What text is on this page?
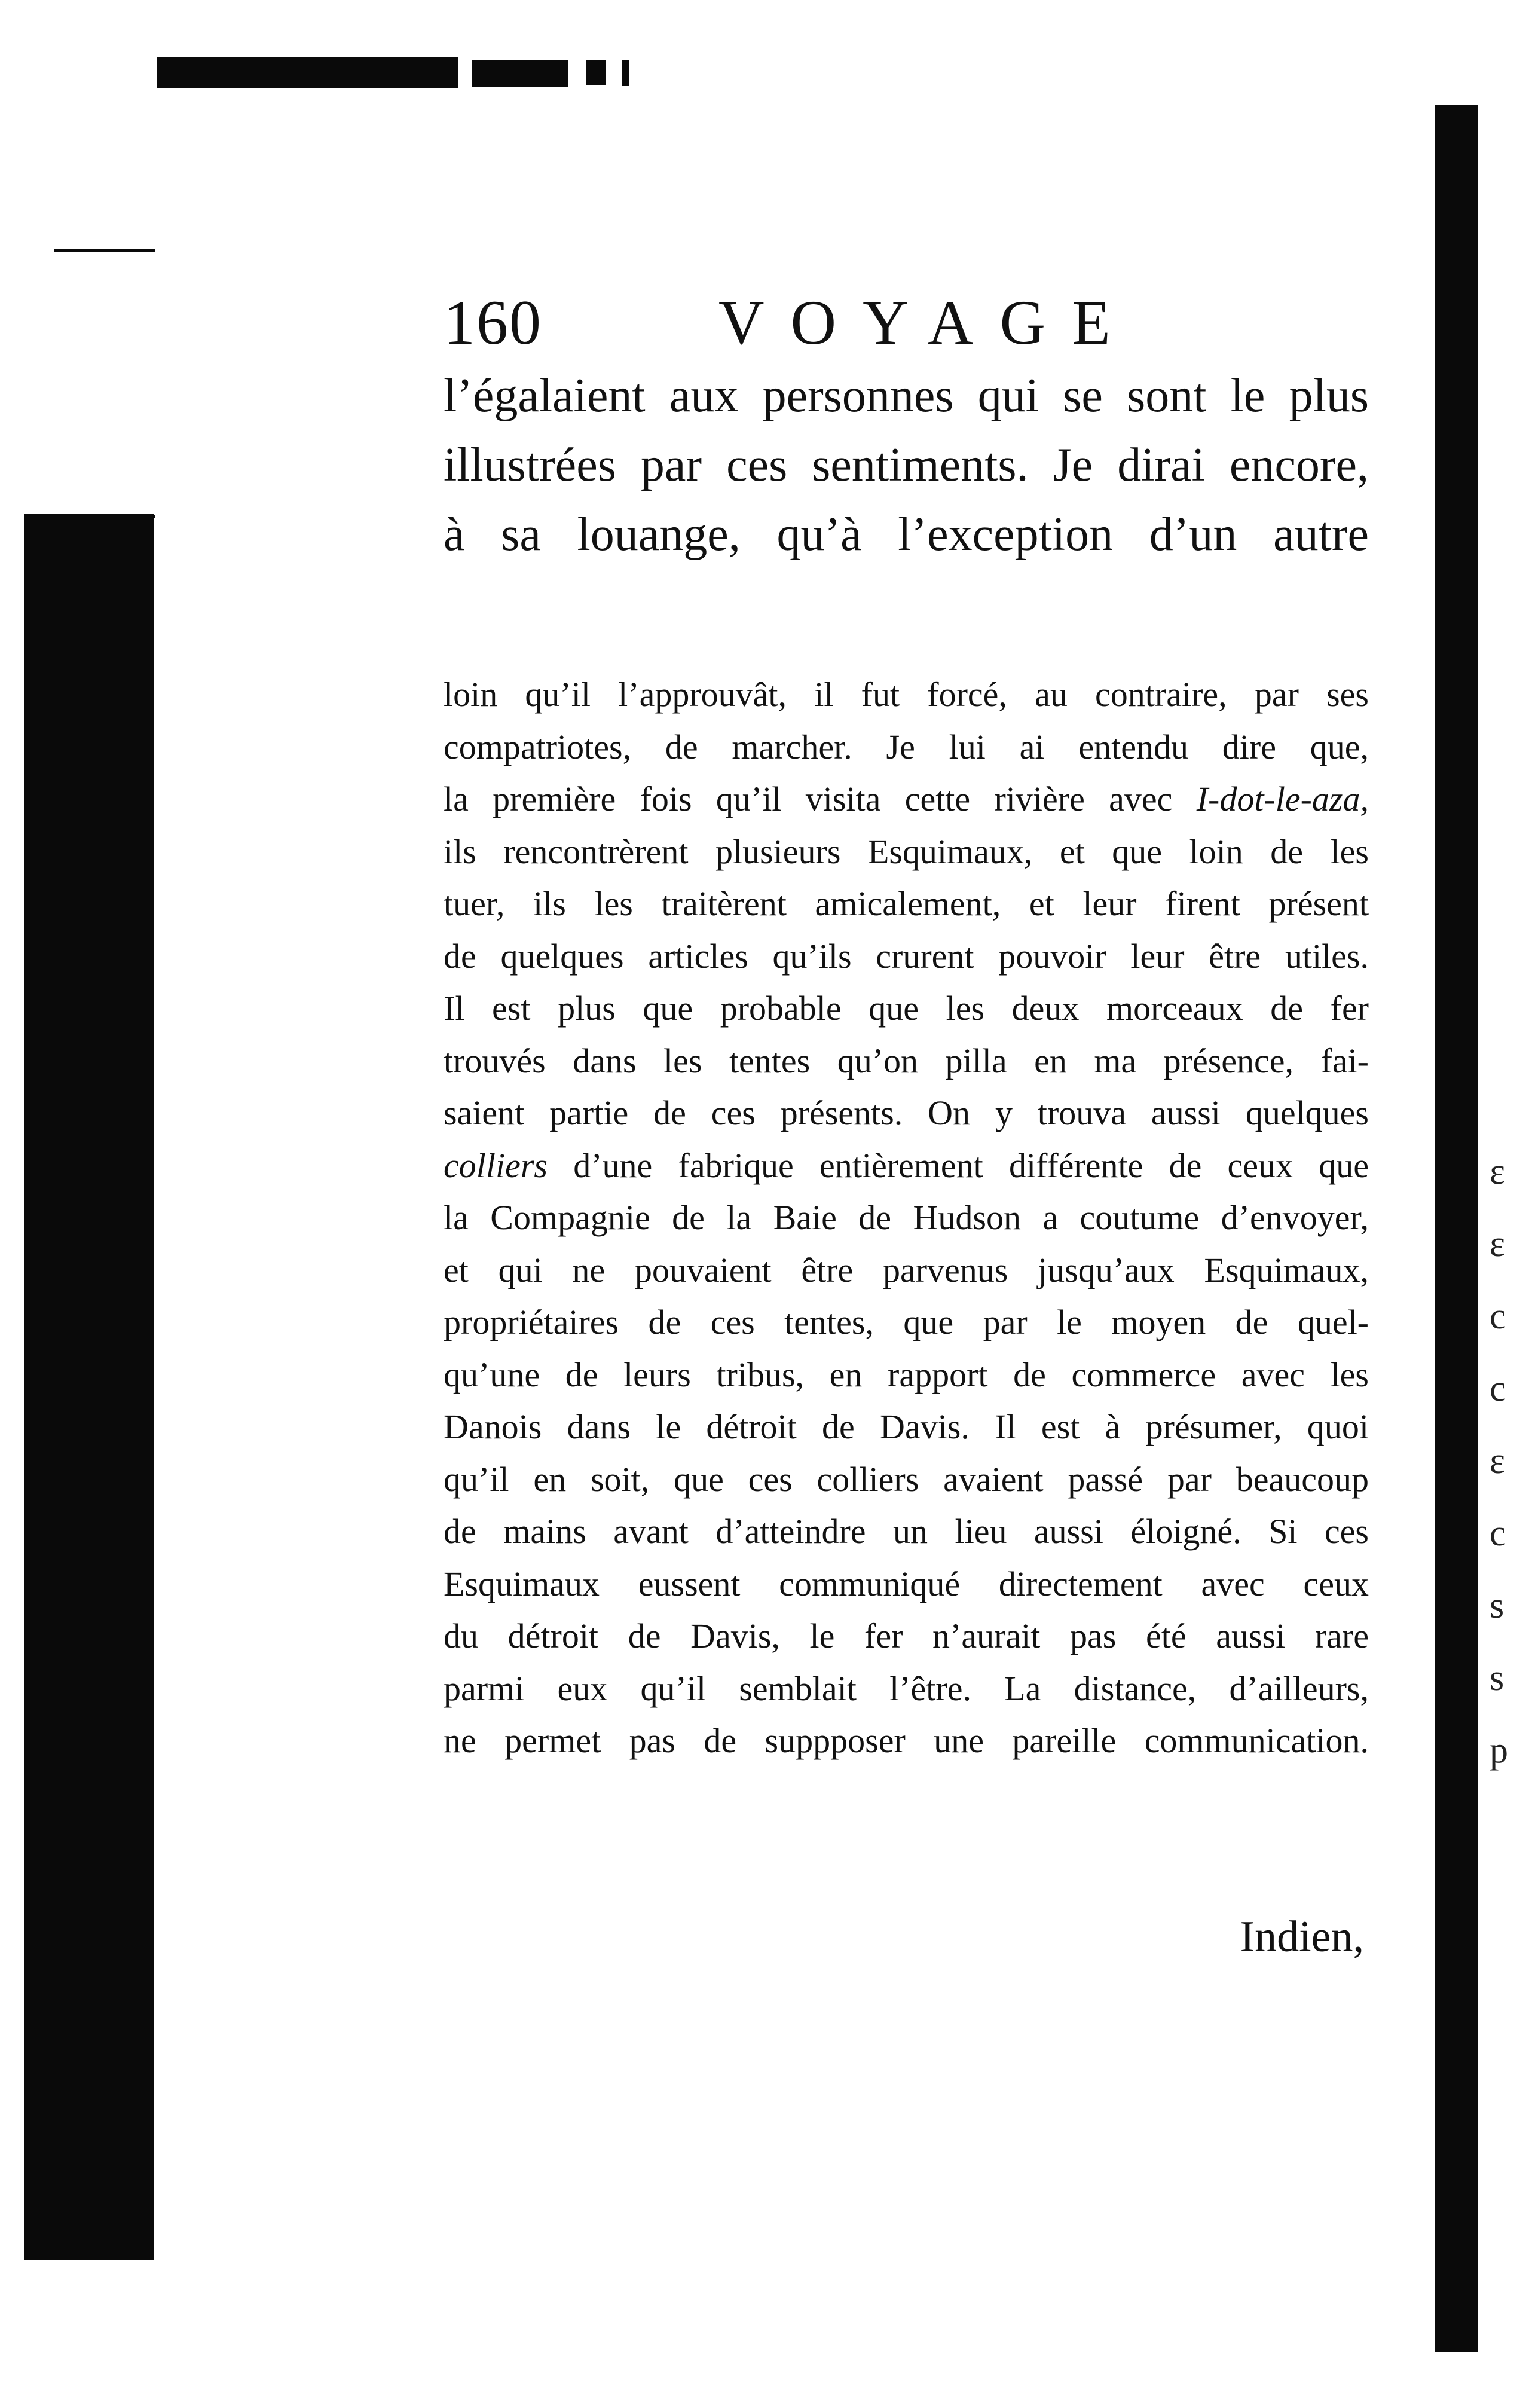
160	VOYAGE
l’égalaient aux personnes qui se sont le plus
illustrées par ces sentiments. Je dirai encore,
à sa louange, qu’à l’exception d’un autre
loin qu’il l’approuvât, il fut forcé, au contraire, par ses
compatriotes, de marcher. Je lui ai entendu dire que,
la première fois qu’il visita cette rivière avec I-dot-le-aza,
ils rencontrèrent plusieurs Esquimaux, et que loin de les
tuer, ils les traitèrent amicalement, et leur firent présent
de quelques articles qu’ils crurent pouvoir leur être utiles.
Il est plus que probable que les deux morceaux de fer
trouvés dans les tentes qu’on pilla en ma présence, fai-
saient partie de ces présents. On y trouva aussi quelques
colliers d’une fabrique entièrement différente de ceux que
la Compagnie de la Baie de Hudson a coutume d’envoyer,
et qui ne pouvaient être parvenus jusqu’aux Esquimaux,
propriétaires de ces tentes, que par le moyen de quel-
qu’une de leurs tribus, en rapport de commerce avec les
Danois dans le détroit de Davis. Il est à présumer, quoi
qu’il en soit, que ces colliers avaient passé par beaucoup
de mains avant d’atteindre un lieu aussi éloigné. Si ces
Esquimaux eussent communiqué directement avec ceux
du détroit de Davis, le fer n’aurait pas été aussi rare
parmi eux qu’il semblait l’être. La distance, d’ailleurs,
ne permet pas de suppposer une pareille communication.
Indien,
ɛ
ɛ
c
c
ɛ
c
s
s
p
